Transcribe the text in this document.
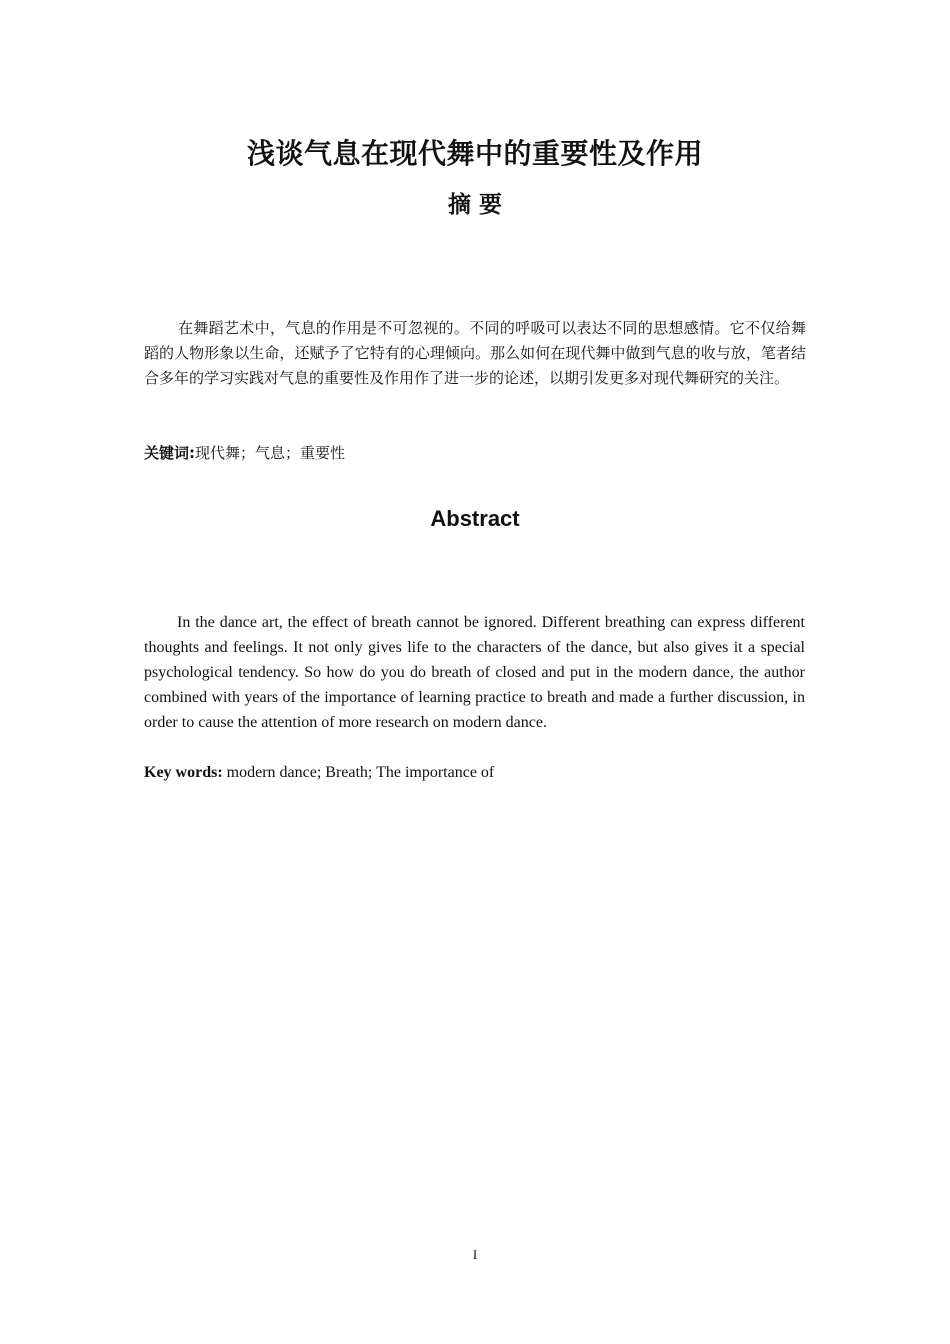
浅谈气息在现代舞中的重要性及作用
摘 要

在舞蹈艺术中，气息的作用是不可忽视的。不同的呼吸可以表达不同的思想感情。它不仅给舞蹈的人物形象以生命，还赋予了它特有的心理倾向。那么如何在现代舞中做到气息的收与放，笔者结合多年的学习实践对气息的重要性及作用作了进一步的论述，以期引发更多对现代舞研究的关注。

关键词:现代舞；气息；重要性

Abstract

In the dance art, the effect of breath cannot be ignored. Different breathing can express different thoughts and feelings. It not only gives life to the characters of the dance, but also gives it a special psychological tendency. So how do you do breath of closed and put in the modern dance, the author combined with years of the importance of learning practice to breath and made a further discussion, in order to cause the attention of more research on modern dance.

Key words: modern dance; Breath; The importance of

I
